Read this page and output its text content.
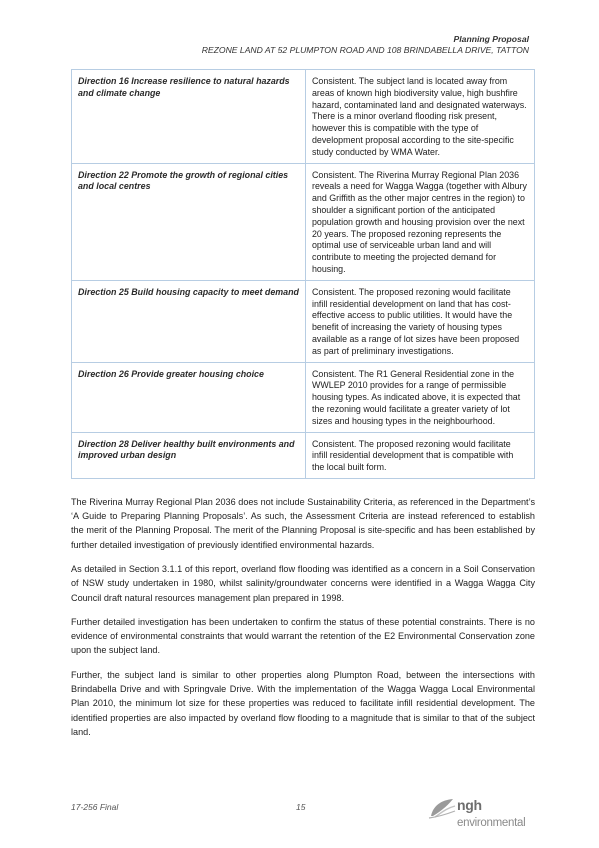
Planning Proposal
REZONE LAND AT 52 PLUMPTON ROAD AND 108 BRINDABELLA DRIVE, TATTON
Direction 16 Increase resilience to natural hazards and climate change	Consistent. The subject land is located away from areas of known high biodiversity value, high bushfire hazard, contaminated land and designated waterways. There is a minor overland flooding risk present, however this is compatible with the type of development proposal according to the site-specific study conducted by WMA Water.
Direction 22 Promote the growth of regional cities and local centres	Consistent. The Riverina Murray Regional Plan 2036 reveals a need for Wagga Wagga (together with Albury and Griffith as the other major centres in the region) to shoulder a significant portion of the anticipated population growth and housing provision over the next 20 years. The proposed rezoning represents the optimal use of serviceable urban land and will contribute to meeting the projected demand for housing.
Direction 25 Build housing capacity to meet demand	Consistent. The proposed rezoning would facilitate infill residential development on land that has cost-effective access to public utilities. It would have the benefit of increasing the variety of housing types available as a range of lot sizes have been proposed as part of preliminary investigations.
Direction 26 Provide greater housing choice	Consistent. The R1 General Residential zone in the WWLEP 2010 provides for a range of permissible housing types. As indicated above, it is expected that the rezoning would facilitate a greater variety of lot sizes and housing types in the neighbourhood.
Direction 28 Deliver healthy built environments and improved urban design	Consistent. The proposed rezoning would facilitate infill residential development that is compatible with the local built form.

The Riverina Murray Regional Plan 2036 does not include Sustainability Criteria, as referenced in the Department’s ‘A Guide to Preparing Planning Proposals’. As such, the Assessment Criteria are instead referenced to establish the merit of the Planning Proposal. The merit of the Planning Proposal is site-specific and has been established by further detailed investigation of previously identified environmental hazards.

As detailed in Section 3.1.1 of this report, overland flow flooding was identified as a concern in a Soil Conservation of NSW study undertaken in 1980, whilst salinity/groundwater concerns were identified in a Wagga Wagga City Council draft natural resources management plan prepared in 1998.

Further detailed investigation has been undertaken to confirm the status of these potential constraints. There is no evidence of environmental constraints that would warrant the retention of the E2 Environmental Conservation zone upon the subject land.

Further, the subject land is similar to other properties along Plumpton Road, between the intersections with Brindabella Drive and with Springvale Drive. With the implementation of the Wagga Wagga Local Environmental Plan 2010, the minimum lot size for these properties was reduced to facilitate infill residential development. The identified properties are also impacted by overland flow flooding to a magnitude that is similar to that of the subject land.

17-256 Final	15	ngh environmental
